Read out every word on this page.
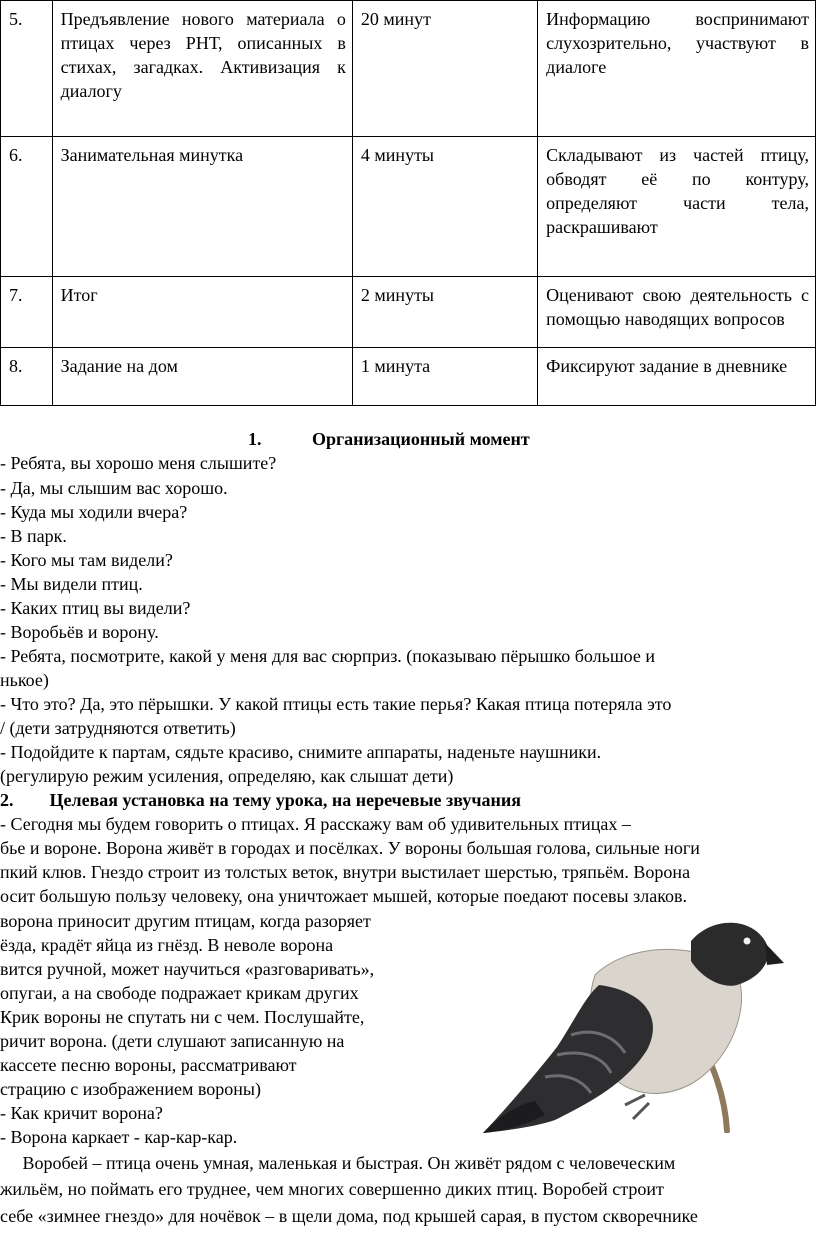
5.	Предъявление нового материала о птицах через РНТ, описанных в стихах, загадках. Активизация к диалогу	20 минут	Информацию воспринимают слухозрительно, участвуют в диалоге
6.	Занимательная минутка	4 минуты	Складывают из частей птицу, обводят её по контуру, определяют части тела, раскрашивают
7.	Итог	2 минуты	Оценивают свою деятельность с помощью наводящих вопросов
8.	Задание на дом	1 минута	Фиксируют задание в дневнике
1.	Организационный момент
- Ребята, вы хорошо меня слышите?
- Да, мы слышим вас хорошо.
- Куда мы ходили вчера?
- В парк.
- Кого мы там видели?
- Мы видели птиц.
- Каких птиц вы видели?
- Воробьёв и ворону.
- Ребята, посмотрите, какой у меня для вас сюрприз. (показываю пёрышко большое и
нькое)
- Что это? Да, это пёрышки. У какой птицы есть такие перья? Какая птица потеряла это
/ (дети затрудняются ответить)
- Подойдите к партам, сядьте красиво, снимите аппараты, наденьте наушники.
(регулирую режим усиления, определяю, как слышат дети)
2.        Целевая установка на тему урока, на неречевые звучания
- Сегодня мы будем говорить о птицах. Я расскажу вам об удивительных птицах –
бье и вороне. Ворона живёт в городах и посёлках. У вороны большая голова, сильные ноги
пкий клюв. Гнездо строит из толстых веток, внутри выстилает шерстью, тряпьём. Ворона
осит большую пользу человеку, она уничтожает мышей, которые поедают посевы злаков.
ворона приносит другим птицам, когда разоряет
ёзда, крадёт яйца из гнёзд. В неволе ворона
вится ручной, может научиться «разговаривать»,
опугаи, а на свободе подражает крикам других
Крик вороны не спутать ни с чем. Послушайте,
ричит ворона. (дети слушают записанную на
кассете песню вороны, рассматривают
страцию с изображением вороны)
- Как кричит ворона?
- Ворона каркает - кар-кар-кар.
Воробей – птица очень умная, маленькая и быстрая. Он живёт рядом с человеческим
жильём, но поймать его труднее, чем многих совершенно диких птиц. Воробей строит
себе «зимнее гнездо» для ночёвок – в щели дома, под крышей сарая, в пустом скворечнике
